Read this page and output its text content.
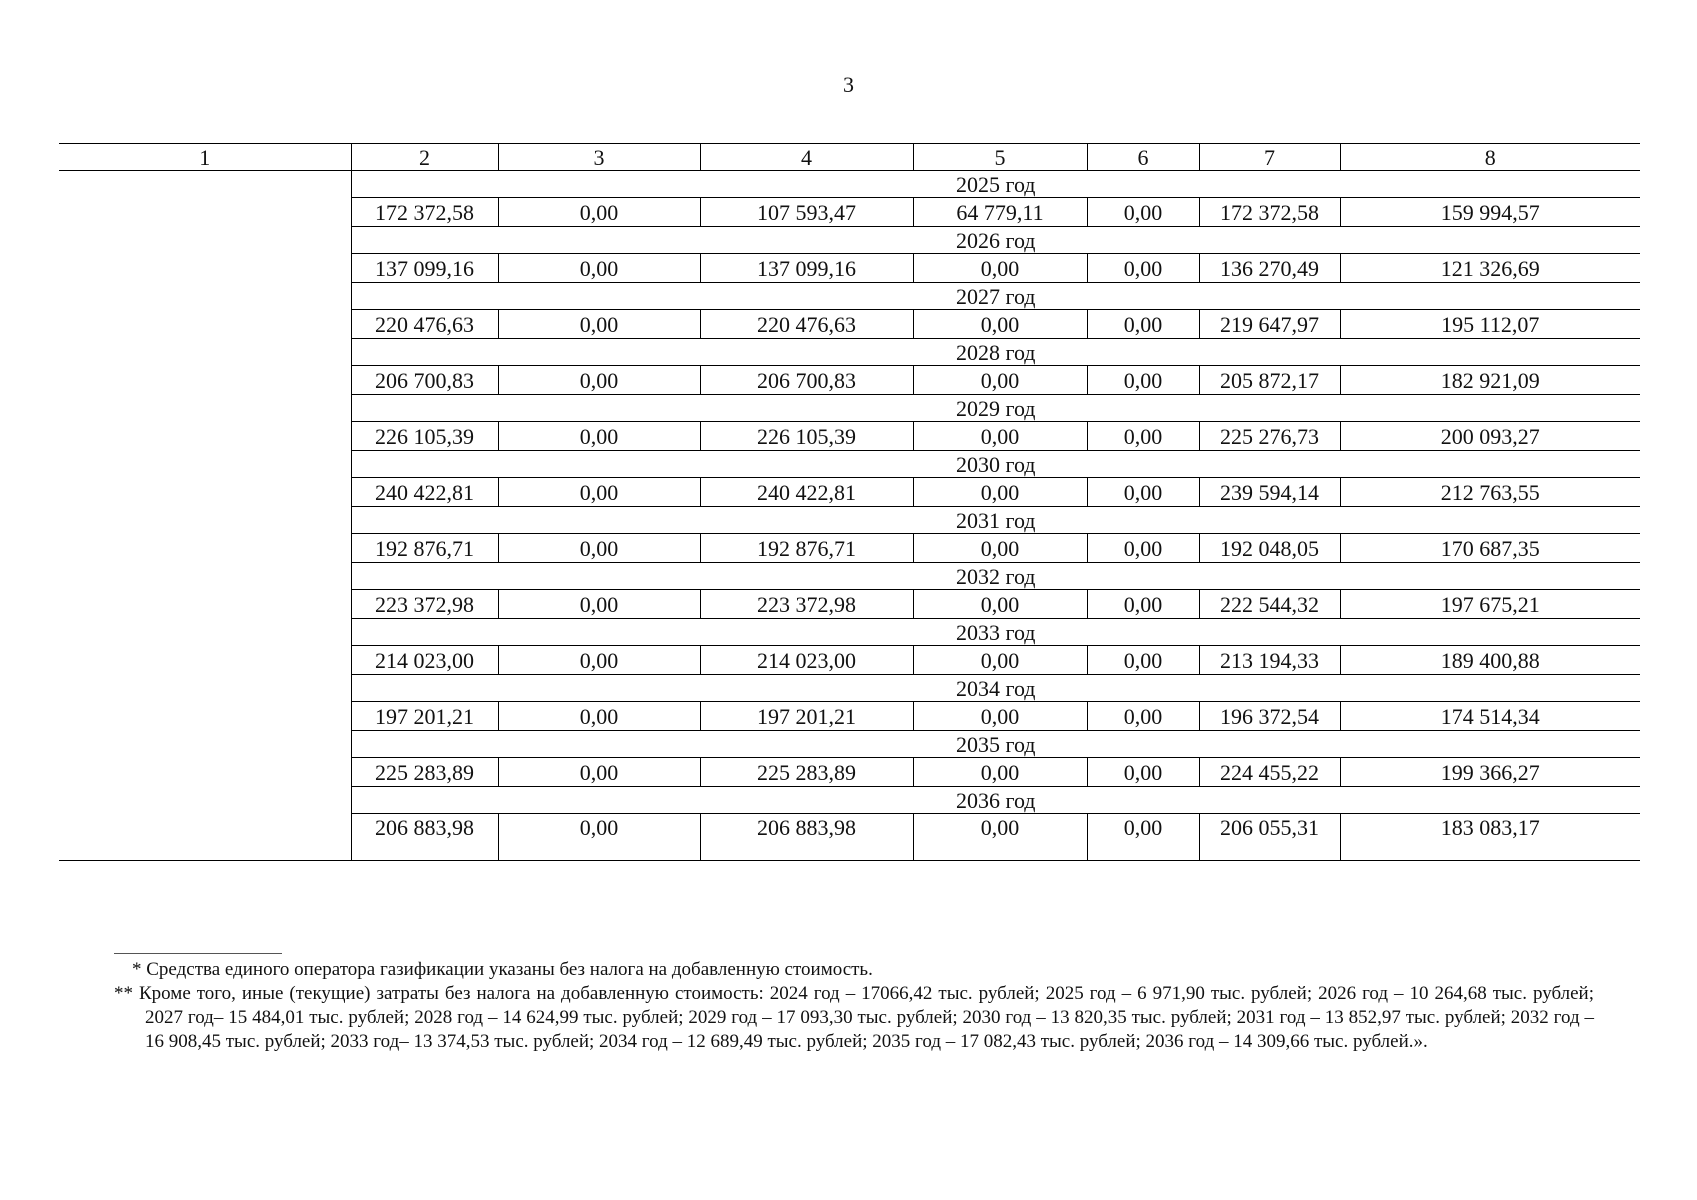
3
1	2	3	4	5	6	7	8
	2025 год						
	172 372,58	0,00	107 593,47	64 779,11	0,00	172 372,58	159 994,57
	2026 год						
	137 099,16	0,00	137 099,16	0,00	0,00	136 270,49	121 326,69
	2027 год						
	220 476,63	0,00	220 476,63	0,00	0,00	219 647,97	195 112,07
	2028 год						
	206 700,83	0,00	206 700,83	0,00	0,00	205 872,17	182 921,09
	2029 год						
	226 105,39	0,00	226 105,39	0,00	0,00	225 276,73	200 093,27
	2030 год						
	240 422,81	0,00	240 422,81	0,00	0,00	239 594,14	212 763,55
	2031 год						
	192 876,71	0,00	192 876,71	0,00	0,00	192 048,05	170 687,35
	2032 год						
	223 372,98	0,00	223 372,98	0,00	0,00	222 544,32	197 675,21
	2033 год						
	214 023,00	0,00	214 023,00	0,00	0,00	213 194,33	189 400,88
	2034 год						
	197 201,21	0,00	197 201,21	0,00	0,00	196 372,54	174 514,34
	2035 год						
	225 283,89	0,00	225 283,89	0,00	0,00	224 455,22	199 366,27
	2036 год						
	206 883,98	0,00	206 883,98	0,00	0,00	206 055,31	183 083,17
* Средства единого оператора газификации указаны без налога на добавленную стоимость.
** Кроме того, иные (текущие) затраты без налога на добавленную стоимость: 2024 год – 17066,42 тыс. рублей; 2025 год – 6 971,90 тыс. рублей; 2026 год – 10 264,68 тыс. рублей; 2027 год– 15 484,01 тыс. рублей; 2028 год – 14 624,99 тыс. рублей; 2029 год – 17 093,30 тыс. рублей; 2030 год – 13 820,35 тыс. рублей; 2031 год – 13 852,97 тыс. рублей; 2032 год – 16 908,45 тыс. рублей; 2033 год– 13 374,53 тыс. рублей; 2034 год – 12 689,49 тыс. рублей; 2035 год – 17 082,43 тыс. рублей; 2036 год – 14 309,66 тыс. рублей.».
